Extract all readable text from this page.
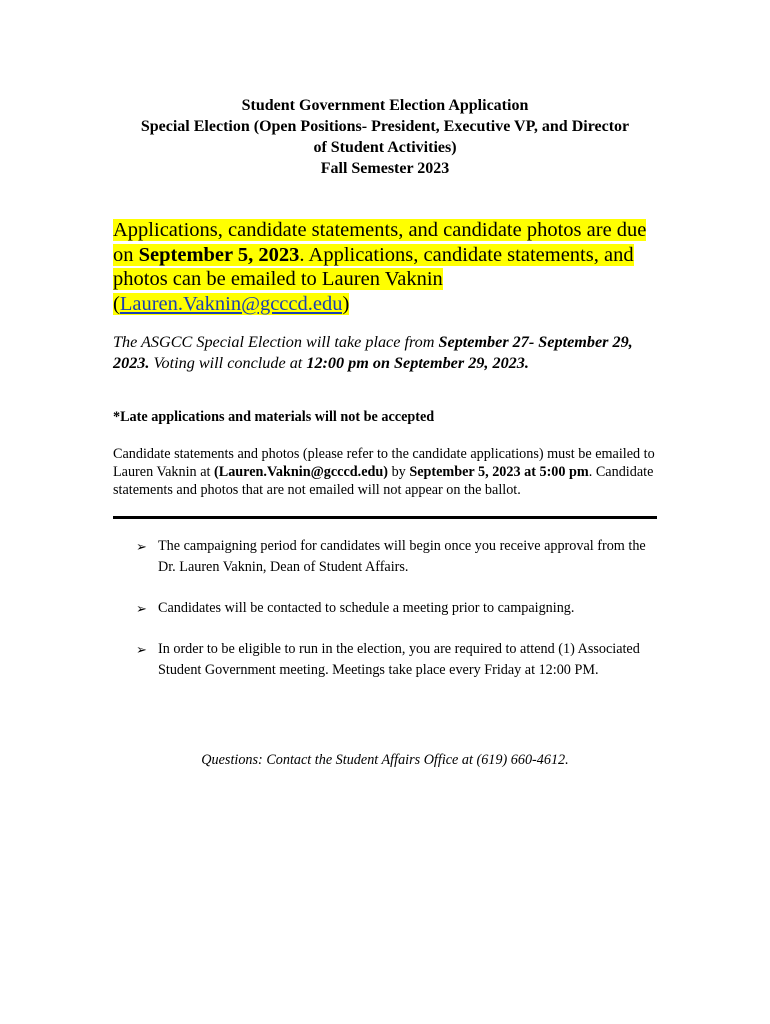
Student Government Election Application
Special Election (Open Positions- President, Executive VP, and Director
of Student Activities)
Fall Semester 2023
Applications, candidate statements, and candidate photos are due on September 5, 2023. Applications, candidate statements, and photos can be emailed to Lauren Vaknin (Lauren.Vaknin@gcccd.edu)
The ASGCC Special Election will take place from September 27- September 29, 2023. Voting will conclude at 12:00 pm on September 29, 2023.
*Late applications and materials will not be accepted
Candidate statements and photos (please refer to the candidate applications) must be emailed to Lauren Vaknin at (Lauren.Vaknin@gcccd.edu) by September 5, 2023 at 5:00 pm. Candidate statements and photos that are not emailed will not appear on the ballot.
➢ The campaigning period for candidates will begin once you receive approval from the Dr. Lauren Vaknin, Dean of Student Affairs.
➢ Candidates will be contacted to schedule a meeting prior to campaigning.
➢ In order to be eligible to run in the election, you are required to attend (1) Associated Student Government meeting. Meetings take place every Friday at 12:00 PM.
Questions: Contact the Student Affairs Office at (619) 660-4612.
